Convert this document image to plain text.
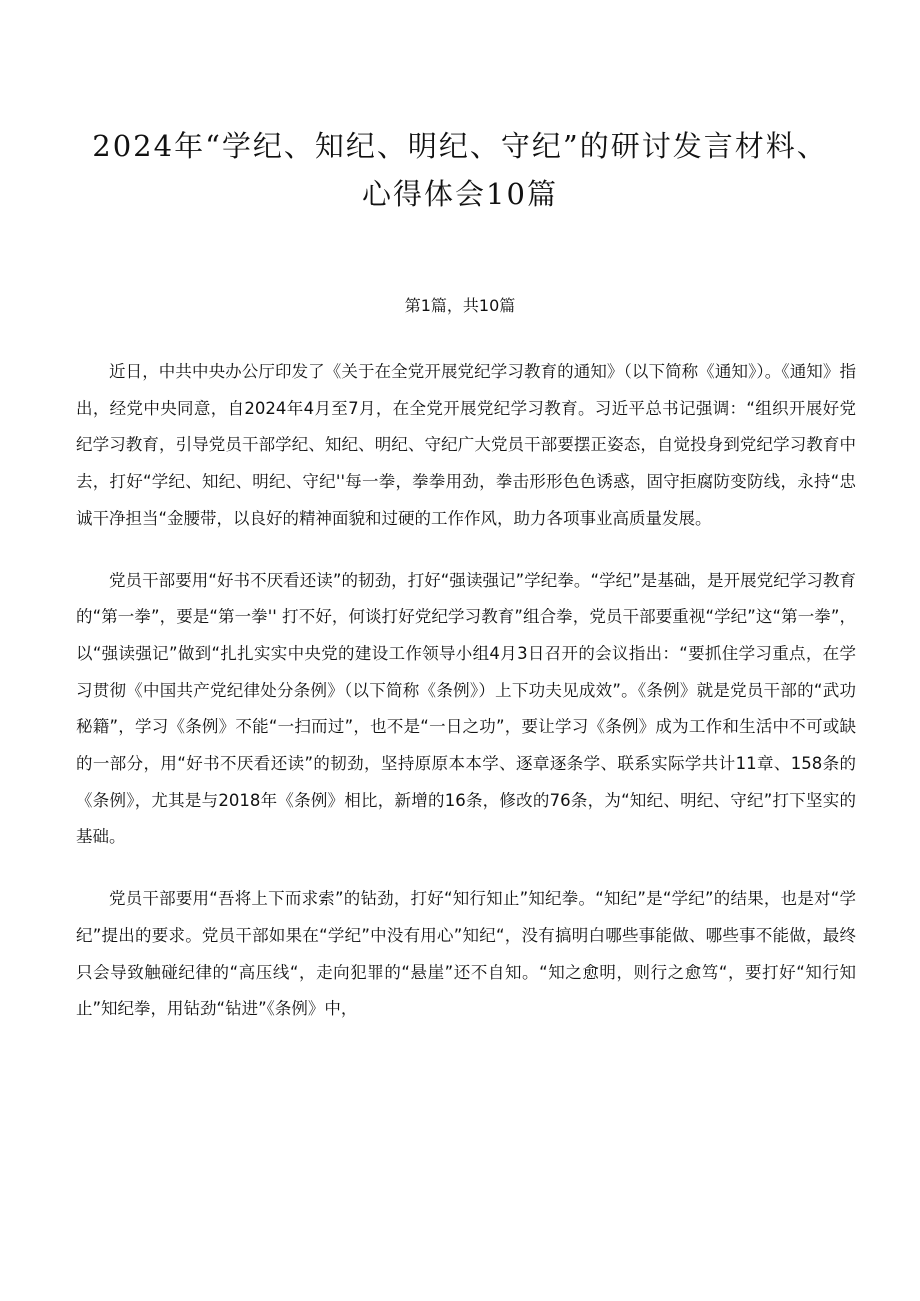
2024年“学纪、知纪、明纪、守纪”的研讨发言材料、心得体会10篇
第1篇，共10篇

近日，中共中央办公厅印发了《关于在全党开展党纪学习教育的通知》（以下简称《通知》）。《通知》指出，经党中央同意，自2024年4月至7月，在全党开展党纪学习教育。习近平总书记强调：“组织开展好党纪学习教育，引导党员干部学纪、知纪、明纪、守纪广大党员干部要摆正姿态，自觉投身到党纪学习教育中去，打好“学纪、知纪、明纪、守纪''每一拳，拳拳用劲，拳击形形色色诱惑，固守拒腐防变防线，永持“忠诚干净担当“金腰带，以良好的精神面貌和过硬的工作作风，助力各项事业高质量发展。

党员干部要用“好书不厌看还读”的韧劲，打好“强读强记”学纪拳。“学纪”是基础，是开展党纪学习教育的“第一拳”，要是“第一拳'' 打不好，何谈打好党纪学习教育”组合拳，党员干部要重视“学纪”这“第一拳”，以“强读强记”做到“扎扎实实中央党的建设工作领导小组4月3日召开的会议指出：“要抓住学习重点，在学习贯彻《中国共产党纪律处分条例》（以下简称《条例》）上下功夫见成效”。《条例》就是党员干部的“武功秘籍”，学习《条例》不能“一扫而过”，也不是“一日之功”，要让学习《条例》成为工作和生活中不可或缺的一部分，用“好书不厌看还读”的韧劲，坚持原原本本学、逐章逐条学、联系实际学共计11章、158条的《条例》，尤其是与2018年《条例》相比，新增的16条，修改的76条，为“知纪、明纪、守纪”打下坚实的基础。

党员干部要用“吾将上下而求索”的钻劲，打好“知行知止”知纪拳。“知纪”是“学纪”的结果，也是对“学纪”提出的要求。党员干部如果在“学纪”中没有用心”知纪“，没有搞明白哪些事能做、哪些事不能做，最终只会导致触碰纪律的“高压线“，走向犯罪的“悬崖”还不自知。“知之愈明，则行之愈笃“，要打好“知行知止”知纪拳，用钻劲“钻进”《条例》中，
